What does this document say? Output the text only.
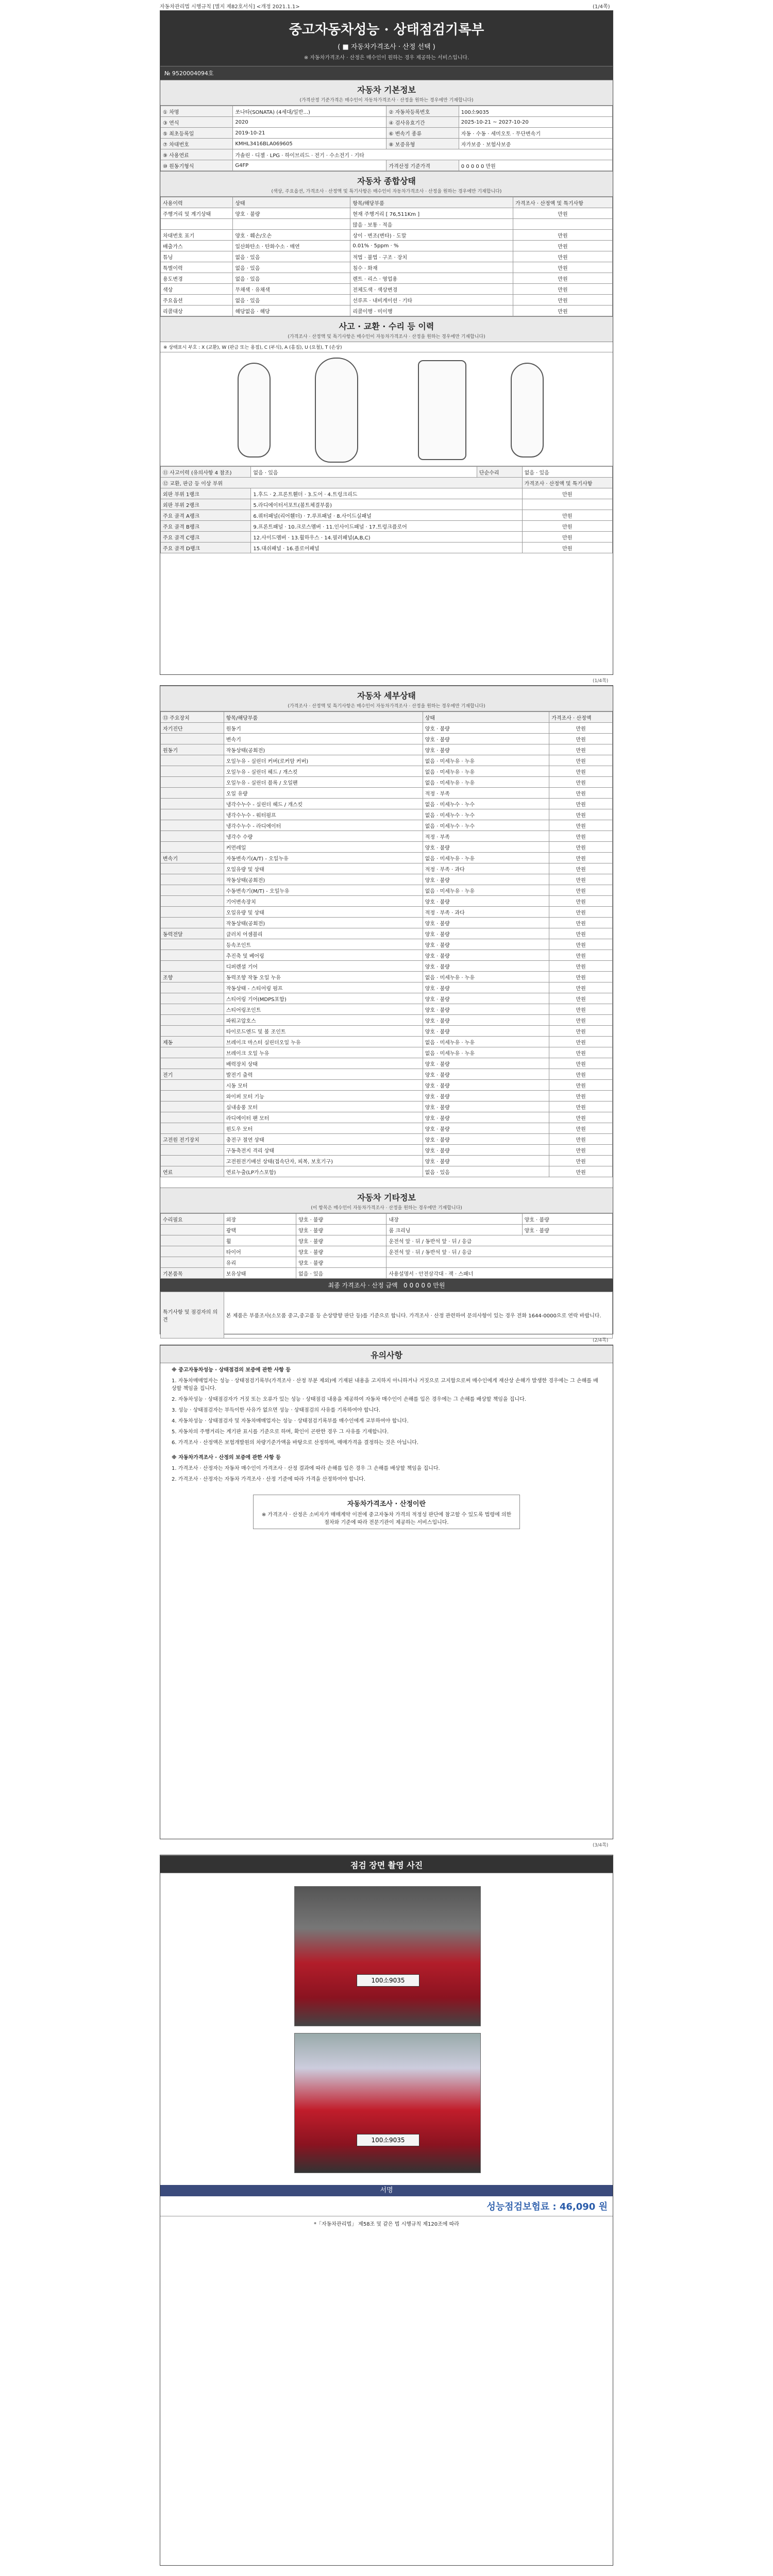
자동차관리법 시행규칙 [별지 제82호서식] <개정 2021.1.1>	(1/4쪽)
중고자동차성능 · 상태점검기록부
( ■ 자동차가격조사 · 산정 선택 )
※ 자동차가격조사 · 산정은 매수인이 원하는 경우 제공하는 서비스입니다.
№ 9520004094호
자동차 기본정보
(가격산정 기준가격은 매수인이 자동차가격조사 · 산정을 원하는 경우에만 기재합니다)
① 차명	쏘나타(SONATA) (4세대/일반...)	② 자동차등록번호	100소9035
③ 연식	2020	④ 검사유효기간	2025-10-21 ~ 2027-10-20
⑤ 최초등록일	2019-10-21	⑥ 변속기 종류	자동 · 수동 · 세미오토 · 무단변속기
⑦ 차대번호	KMHL3416BLA069605	⑧ 보증유형	자가보증 · 보험사보증
⑨ 사용연료	가솔린 · 디젤 · LPG · 하이브리드 · 전기 · 수소전기 · 기타		
⑩ 원동기형식	G4FP	가격산정 기준가격	0 0 0 0 0 만원
자동차 종합상태
(색상, 주요옵션, 가격조사 · 산정액 및 특기사항은 매수인이 자동차가격조사 · 산정을 원하는 경우에만 기재합니다)
사용이력	상태	항목/해당부품	가격조사 · 산정액 및 특기사항
주행거리 및 계기상태	양호 · 불량	현재 주행거리 [ 76,511Km ]	만원
		많음 · 보통 · 적음	
차대번호 표기	양호 · 훼손/오손	상이 · 변조(변타) · 도말	만원
배출가스	일산화탄소 · 탄화수소 · 매연	0.01% · 5ppm · %	만원
튜닝	없음 · 있음	적법 · 불법 · 구조 · 장치	만원
특별이력	없음 · 있음	침수 · 화재	만원
용도변경	없음 · 있음	렌트 · 리스 · 영업용	만원
색상	무채색 · 유채색	전체도색 · 색상변경	만원
주요옵션	없음 · 있음	선루프 · 내비게이션 · 기타	만원
리콜대상	해당없음 · 해당	리콜이행 · 미이행	만원
사고 · 교환 · 수리 등 이력
(가격조사 · 산정액 및 특기사항은 매수인이 자동차가격조사 · 산정을 원하는 경우에만 기재합니다)
※ 상태표시 부호 : X (교환), W (판금 또는 용접), C (부식), A (흠집), U (요철), T (손상)
⑪ 사고이력 (유의사항 4 참조)	없음 · 있음	단순수리	없음 · 있음
⑫ 교환, 판금 등 이상 부위			가격조사 · 산정액 및 특기사항
외판 부위 1랭크	1.후드 · 2.프론트휀더 · 3.도어 · 4.트렁크리드		만원
외판 부위 2랭크	5.라디에이터서포트(볼트체결부품)		
주요 골격 A랭크	6.쿼터패널(리어휀더) · 7.루프패널 · 8.사이드실패널		만원
주요 골격 B랭크	9.프론트패널 · 10.크로스멤버 · 11.인사이드패널 · 17.트렁크플로어		만원
주요 골격 C랭크	12.사이드멤버 · 13.휠하우스 · 14.필러패널(A,B,C)		만원
주요 골격 D랭크	15.대쉬패널 · 16.플로어패널		만원
(1/4쪽)
자동차 세부상태
(가격조사 · 산정액 및 특기사항은 매수인이 자동차가격조사 · 산정을 원하는 경우에만 기재합니다)
⑬ 주요장치	항목/해당부품	상태	가격조사 · 산정액
자기진단	원동기	양호 · 불량	만원
	변속기	양호 · 불량	만원
원동기	작동상태(공회전)	양호 · 불량	만원
	오일누유 - 실린더 커버(로커암 커버)	없음 · 미세누유 · 누유	만원
	오일누유 - 실린더 헤드 / 개스킷	없음 · 미세누유 · 누유	만원
	오일누유 - 실린더 블록 / 오일팬	없음 · 미세누유 · 누유	만원
	오일 유량	적정 · 부족	만원
	냉각수누수 - 실린더 헤드 / 개스킷	없음 · 미세누수 · 누수	만원
	냉각수누수 - 워터펌프	없음 · 미세누수 · 누수	만원
	냉각수누수 - 라디에이터	없음 · 미세누수 · 누수	만원
	냉각수 수량	적정 · 부족	만원
	커먼레일	양호 · 불량	만원
변속기	자동변속기(A/T) - 오일누유	없음 · 미세누유 · 누유	만원
	오일유량 및 상태	적정 · 부족 · 과다	만원
	작동상태(공회전)	양호 · 불량	만원
	수동변속기(M/T) - 오일누유	없음 · 미세누유 · 누유	만원
	기어변속장치	양호 · 불량	만원
	오일유량 및 상태	적정 · 부족 · 과다	만원
	작동상태(공회전)	양호 · 불량	만원
동력전달	클러치 어셈블리	양호 · 불량	만원
	등속조인트	양호 · 불량	만원
	추진축 및 베어링	양호 · 불량	만원
	디퍼렌셜 기어	양호 · 불량	만원
조향	동력조향 작동 오일 누유	없음 · 미세누유 · 누유	만원
	작동상태 - 스티어링 펌프	양호 · 불량	만원
	스티어링 기어(MDPS포함)	양호 · 불량	만원
	스티어링조인트	양호 · 불량	만원
	파워고압호스	양호 · 불량	만원
	타이로드엔드 및 볼 조인트	양호 · 불량	만원
제동	브레이크 마스터 실린더오일 누유	없음 · 미세누유 · 누유	만원
	브레이크 오일 누유	없음 · 미세누유 · 누유	만원
	배력장치 상태	양호 · 불량	만원
전기	발전기 출력	양호 · 불량	만원
	시동 모터	양호 · 불량	만원
	와이퍼 모터 기능	양호 · 불량	만원
	실내송풍 모터	양호 · 불량	만원
	라디에이터 팬 모터	양호 · 불량	만원
	윈도우 모터	양호 · 불량	만원
고전원 전기장치	충전구 절연 상태	양호 · 불량	만원
	구동축전지 격리 상태	양호 · 불량	만원
	고전원전기배선 상태(접속단자, 피복, 보호기구)	양호 · 불량	만원
연료	연료누출(LP가스포함)	없음 · 있음	만원
자동차 기타정보
(이 항목은 매수인이 자동차가격조사 · 산정을 원하는 경우에만 기재합니다)
수리필요	외장	양호 · 불량	내장	양호 · 불량
	광택	양호 · 불량	룸 크리닝	양호 · 불량
	휠	양호 · 불량	운전석 앞 · 뒤 / 동반석 앞 · 뒤 / 응급	
	타이어	양호 · 불량	운전석 앞 · 뒤 / 동반석 앞 · 뒤 / 응급	
	유리	양호 · 불량		
기본품목	보유상태	없음 · 있음	사용설명서 · 안전삼각대 · 잭 · 스패너	
최종 가격조사 · 산정 금액 0 0 0 0 0 만원
특기사항 및 점검자의 의견	본 제품은 부품조사(소모품 중고,중고품 등 손상방향 판단 등)를 기준으로 합니다. 가격조사 · 산정 관련하여 문의사항이 있는 경우 전화 1644-0000으로 연락 바랍니다.
(2/4쪽)
유의사항

※ 중고자동차성능 · 상태점검의 보증에 관한 사항 등

1. 자동차매매업자는 성능 · 상태점검기록부(가격조사 · 산정 부분 제외)에 기재된 내용을 고지하지 아니하거나 거짓으로 고지함으로써 매수인에게 재산상 손해가 발생한 경우에는 그 손해를 배상할 책임을 집니다.

2. 자동차성능 · 상태점검자가 거짓 또는 오류가 있는 성능 · 상태점검 내용을 제공하여 자동차 매수인이 손해를 입은 경우에는 그 손해를 배상할 책임을 집니다.

3. 성능 · 상태점검자는 부득이한 사유가 없으면 성능 · 상태점검의 사유를 기록하여야 합니다.

4. 자동차성능 · 상태점검자 및 자동차매매업자는 성능 · 상태점검기록부를 매수인에게 교부하여야 합니다.

5. 자동차의 주행거리는 계기판 표시를 기준으로 하며, 확인이 곤란한 경우 그 사유를 기재합니다.

6. 가격조사 · 산정액은 보험개발원의 차량기준가액을 바탕으로 산정하며, 매매가격을 결정하는 것은 아닙니다.

※ 자동차가격조사 · 산정의 보증에 관한 사항 등

1. 가격조사 · 산정자는 자동차 매수인이 가격조사 · 산정 결과에 따라 손해를 입은 경우 그 손해를 배상할 책임을 집니다.

2. 가격조사 · 산정자는 자동차 가격조사 · 산정 기준에 따라 가격을 산정하여야 합니다.

자동차가격조사 · 산정이란
※ 가격조사 · 산정은 소비자가 매매계약 이전에 중고자동차 가격의 적정성 판단에 참고할 수 있도록 법령에 의한 절차와 기준에 따라 전문기관이 제공하는 서비스입니다.
(3/4쪽)
점검 장면 촬영 사진
100소9035
100소9035
서명
성능점검보험료 : 46,090 원
*「자동차관리법」 제58조 및 같은 법 시행규칙 제120조에 따라
